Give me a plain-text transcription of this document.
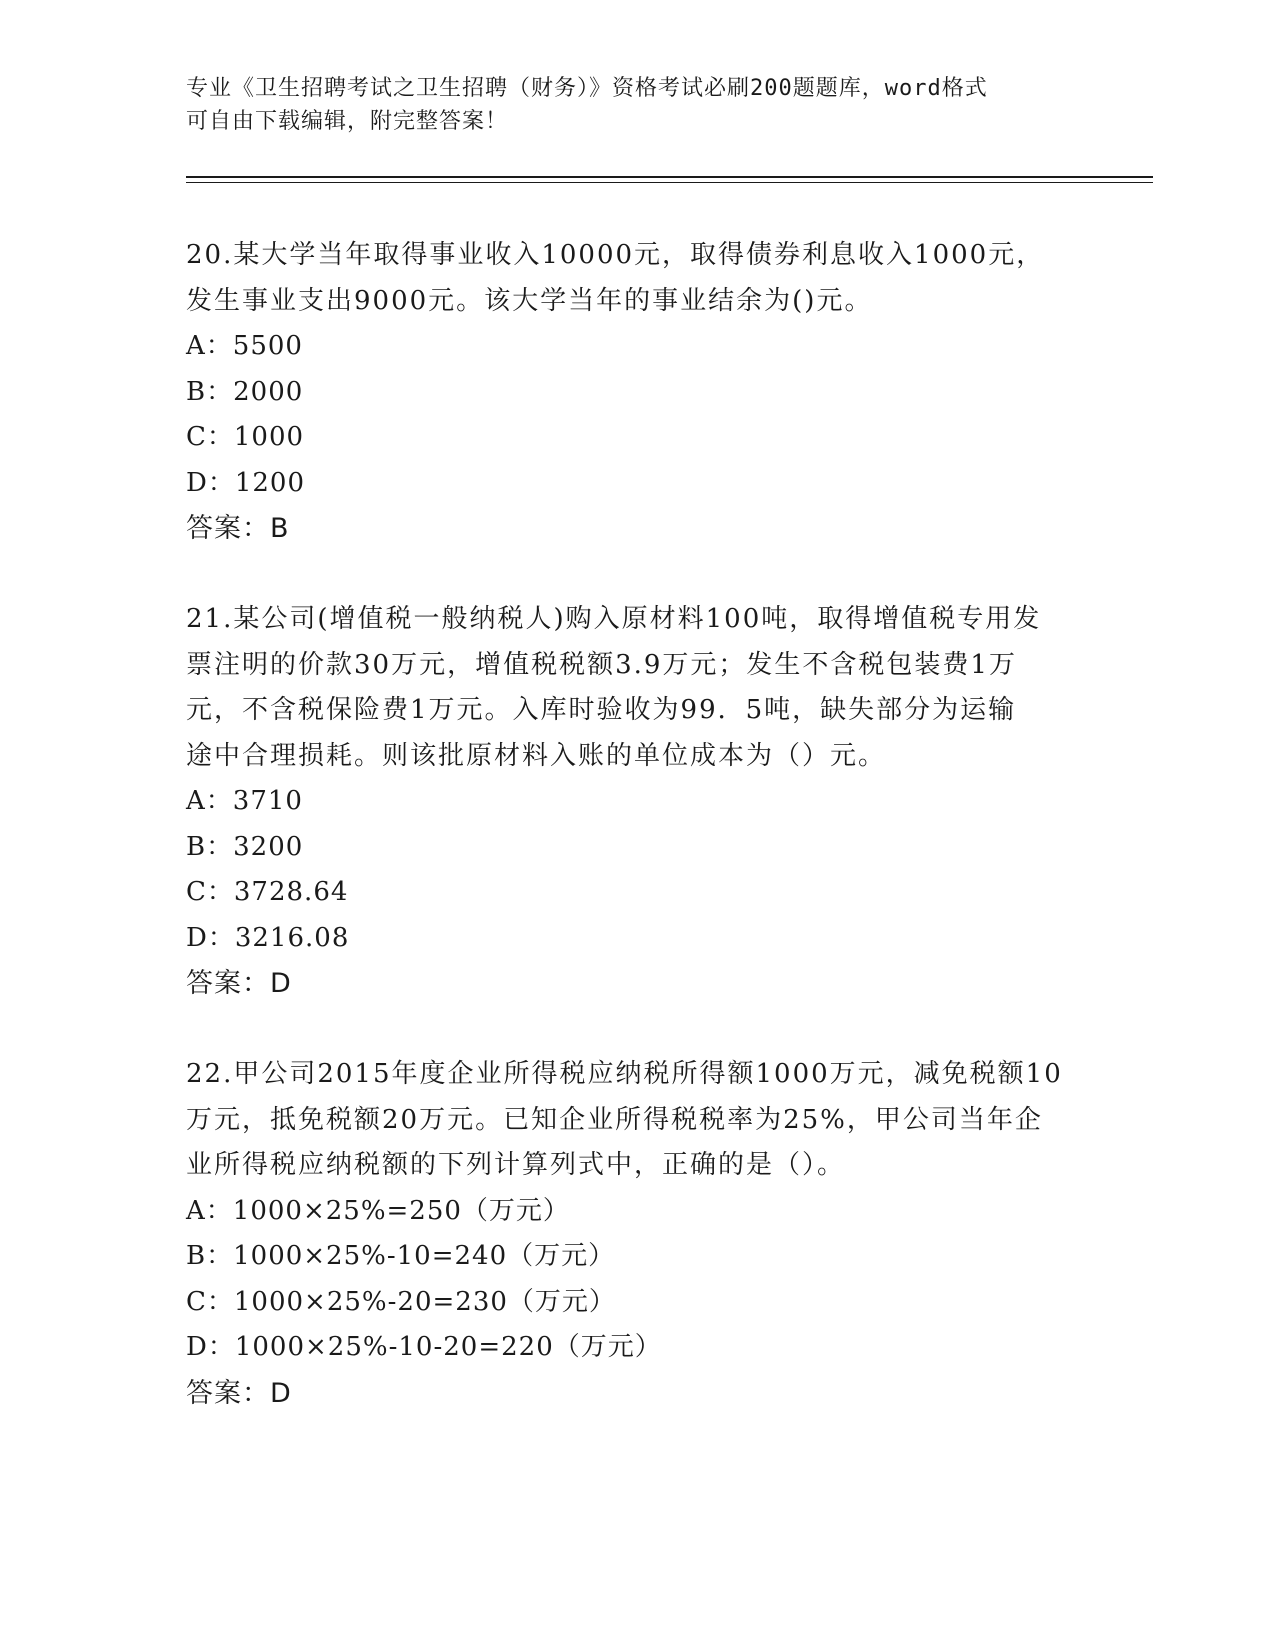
专业《卫生招聘考试之卫生招聘（财务）》资格考试必刷200题题库，word格式
可自由下载编辑，附完整答案！

20.某大学当年取得事业收入10000元，取得债券利息收入1000元，

发生事业支出9000元。该大学当年的事业结余为()元。

A：5500

B：2000

C：1000

D：1200

答案：B

21.某公司(增值税一般纳税人)购入原材料100吨，取得增值税专用发

票注明的价款30万元，增值税税额3.9万元；发生不含税包装费1万

元，不含税保险费1万元。入库时验收为99．5吨，缺失部分为运输

途中合理损耗。则该批原材料入账的单位成本为（）元。

A：3710

B：3200

C：3728.64

D：3216.08

答案：D

22.甲公司2015年度企业所得税应纳税所得额1000万元，减免税额10

万元，抵免税额20万元。已知企业所得税税率为25%，甲公司当年企

业所得税应纳税额的下列计算列式中，正确的是（）。

A：1000×25%=250（万元）

B：1000×25%-10=240（万元）

C：1000×25%-20=230（万元）

D：1000×25%-10-20=220（万元）

答案：D
